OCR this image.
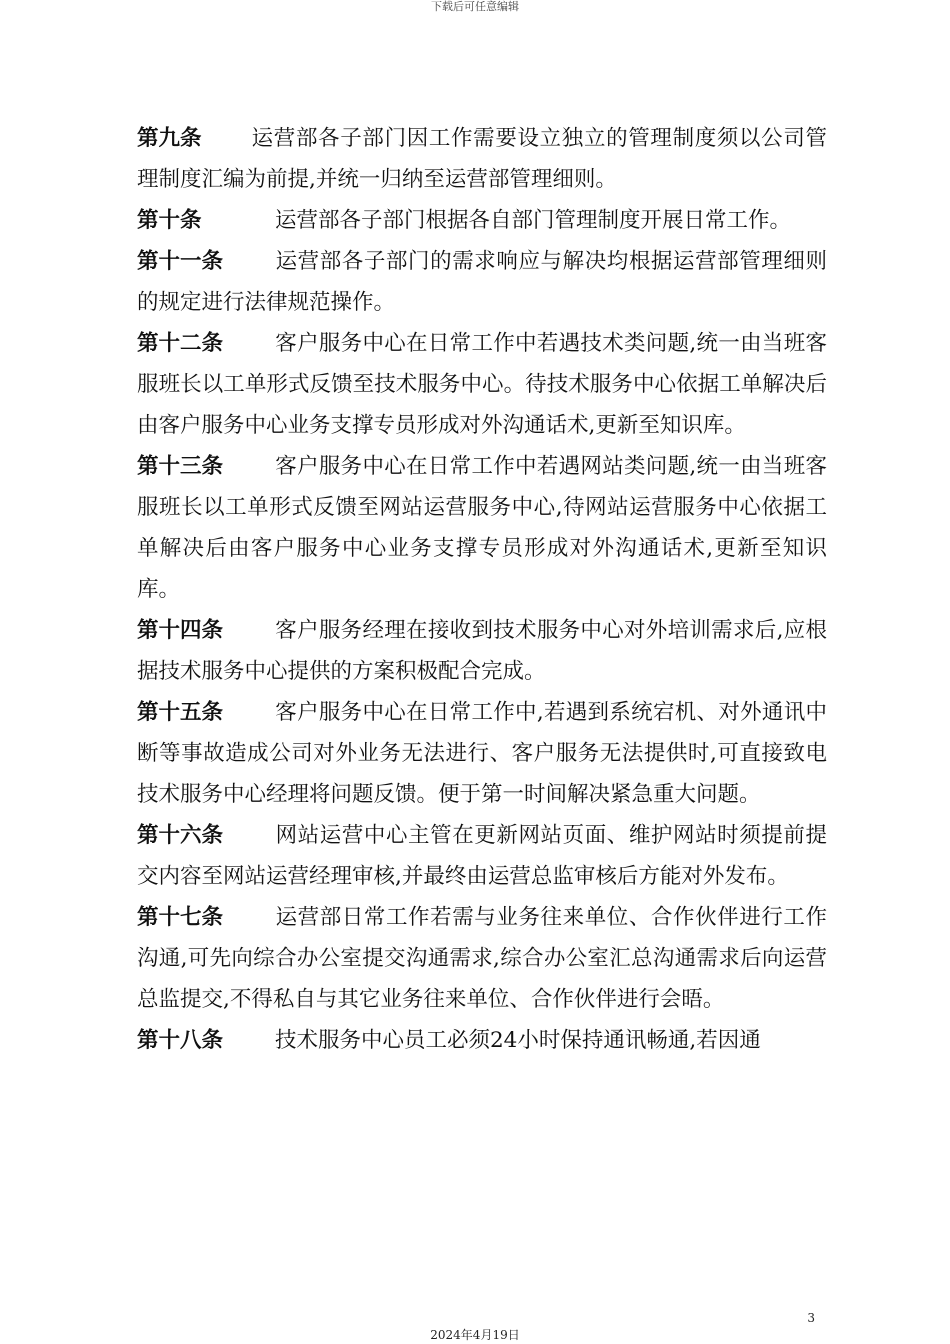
下载后可任意编辑

第九条 运营部各子部门因工作需要设立独立的管理制度须以公司管理制度汇编为前提,并统一归纳至运营部管理细则。

第十条	运营部各子部门根据各自部门管理制度开展日常工作。

第十一条 运营部各子部门的需求响应与解决均根据运营部管理细则的规定进行法律规范操作。

第十二条 客户服务中心在日常工作中若遇技术类问题,统一由当班客服班长以工单形式反馈至技术服务中心。待技术服务中心依据工单解决后由客户服务中心业务支撑专员形成对外沟通话术,更新至知识库。

第十三条 客户服务中心在日常工作中若遇网站类问题,统一由当班客服班长以工单形式反馈至网站运营服务中心,待网站运营服务中心依据工单解决后由客户服务中心业务支撑专员形成对外沟通话术,更新至知识库。

第十四条 客户服务经理在接收到技术服务中心对外培训需求后,应根据技术服务中心提供的方案积极配合完成。

第十五条 客户服务中心在日常工作中,若遇到系统宕机、对外通讯中断等事故造成公司对外业务无法进行、客户服务无法提供时,可直接致电技术服务中心经理将问题反馈。便于第一时间解决紧急重大问题。

第十六条 网站运营中心主管在更新网站页面、维护网站时须提前提交内容至网站运营经理审核,并最终由运营总监审核后方能对外发布。

第十七条 运营部日常工作若需与业务往来单位、合作伙伴进行工作沟通,可先向综合办公室提交沟通需求,综合办公室汇总沟通需求后向运营总监提交,不得私自与其它业务往来单位、合作伙伴进行会晤。

第十八条 技术服务中心员工必须24小时保持通讯畅通,若因通

3
2024年4月19日
